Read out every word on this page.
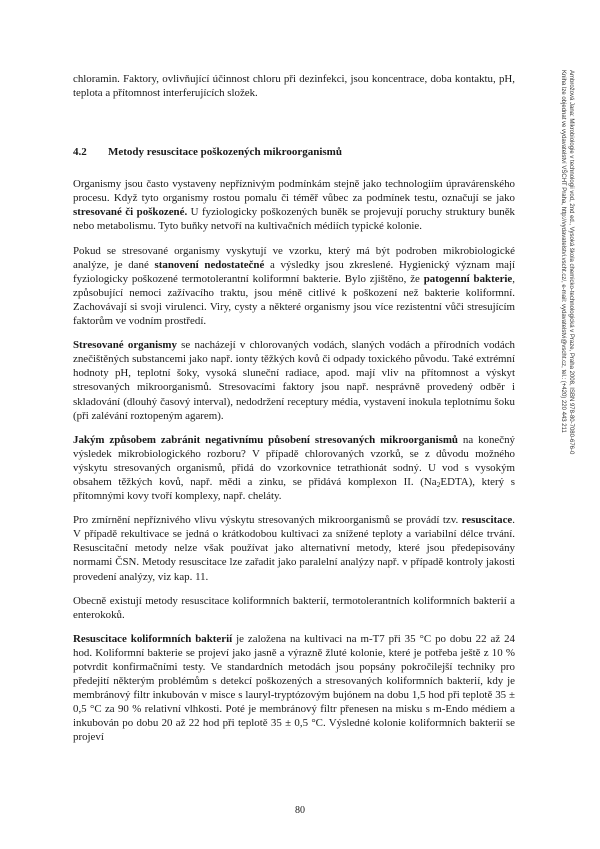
Ambrožová Jana: Mikrobiologie v technologii vod, 2nd ed., Vysoká škola chemicko-technologická v Praze, Praha 2008, ISBN 978-80-7080-676-0
Kniha lze objednat ve vydavatelství VŠCHT Praha, http://vydavatelstvi.vscht.cz/, e-mail: vydavatelstvi@vscht.cz, tel.: (+420) 220 443 211

chloramin. Faktory, ovlivňující účinnost chloru při dezinfekci, jsou koncentrace, doba kontaktu, pH, teplota a přítomnost interferujících složek.

4.2	Metody resuscitace poškozených mikroorganismů

Organismy jsou často vystaveny nepříznivým podmínkám stejně jako technologiím úpravárenského procesu. Když tyto organismy rostou pomalu či téměř vůbec za podmínek testu, označují se jako stresované či poškozené. U fyziologicky poškozených buněk se projevují poruchy struktury buněk nebo metabolismu. Tyto buňky netvoří na kultivačních médiích typické kolonie.

Pokud se stresované organismy vyskytují ve vzorku, který má být podroben mikrobiologické analýze, je dané stanovení nedostatečné a výsledky jsou zkreslené. Hygienický význam mají fyziologicky poškozené termotolerantní koliformní bakterie. Bylo zjištěno, že patogenní bakterie, způsobující nemoci zažívacího traktu, jsou méně citlivé k poškození než bakterie koliformní. Zachovávají si svoji virulenci. Viry, cysty a některé organismy jsou více rezistentní vůči stresujícím faktorům ve vodním prostředí.

Stresované organismy se nacházejí v chlorovaných vodách, slaných vodách a přírodních vodách znečištěných substancemi jako např. ionty těžkých kovů či odpady toxického původu. Také extrémní hodnoty pH, teplotní šoky, vysoká sluneční radiace, apod. mají vliv na přítomnost a výskyt stresovaných mikroorganismů. Stresovacími faktory jsou např. nesprávně provedený odběr i skladování (dlouhý časový interval), nedodržení receptury média, vystavení inokula teplotnímu šoku (při zalévání roztopeným agarem).

Jakým způsobem zabránit negativnímu působení stresovaných mikroorganismů na konečný výsledek mikrobiologického rozboru? V případě chlorovaných vzorků, se z důvodu možného výskytu stresovaných organismů, přidá do vzorkovnice tetrathionát sodný. U vod s vysokým obsahem těžkých kovů, např. mědi a zinku, se přidává komplexon II. $(Na_2EDTA)$, který s přítomnými kovy tvoří komplexy, např. cheláty.

Pro zmírnění nepříznivého vlivu výskytu stresovaných mikroorganismů se provádí tzv. resuscitace. V případě rekultivace se jedná o krátkodobou kultivaci za snížené teploty a variabilní délce trvání. Resuscitační metody nelze však používat jako alternativní metody, které jsou předepisovány normami ČSN. Metody resuscitace lze zařadit jako paralelní analýzy např. v případě kontroly jakosti provedení analýzy, viz kap. 11.

Obecně existují metody resuscitace koliformních bakterií, termotolerantních koliformních bakterií a enterokoků.

Resuscitace koliformních bakterií je založena na kultivaci na m-T7 při 35 °C po dobu 22 až 24 hod. Koliformní bakterie se projeví jako jasně a výrazně žluté kolonie, které je potřeba ještě z 10 % potvrdit konfirmačními testy. Ve standardních metodách jsou popsány pokročilejší techniky pro předejití některým problémům s detekcí poškozených a stresovaných koliformních bakterií, kdy je membránový filtr inkubován v misce s lauryl-tryptózovým bujónem na dobu 1,5 hod při teplotě 35 ± 0,5 °C za 90 % relativní vlhkosti. Poté je membránový filtr přenesen na misku s m-Endo médiem a inkubován po dobu 20 až 22 hod při teplotě 35 ± 0,5 °C. Výsledné kolonie koliformních bakterií se projeví

80
